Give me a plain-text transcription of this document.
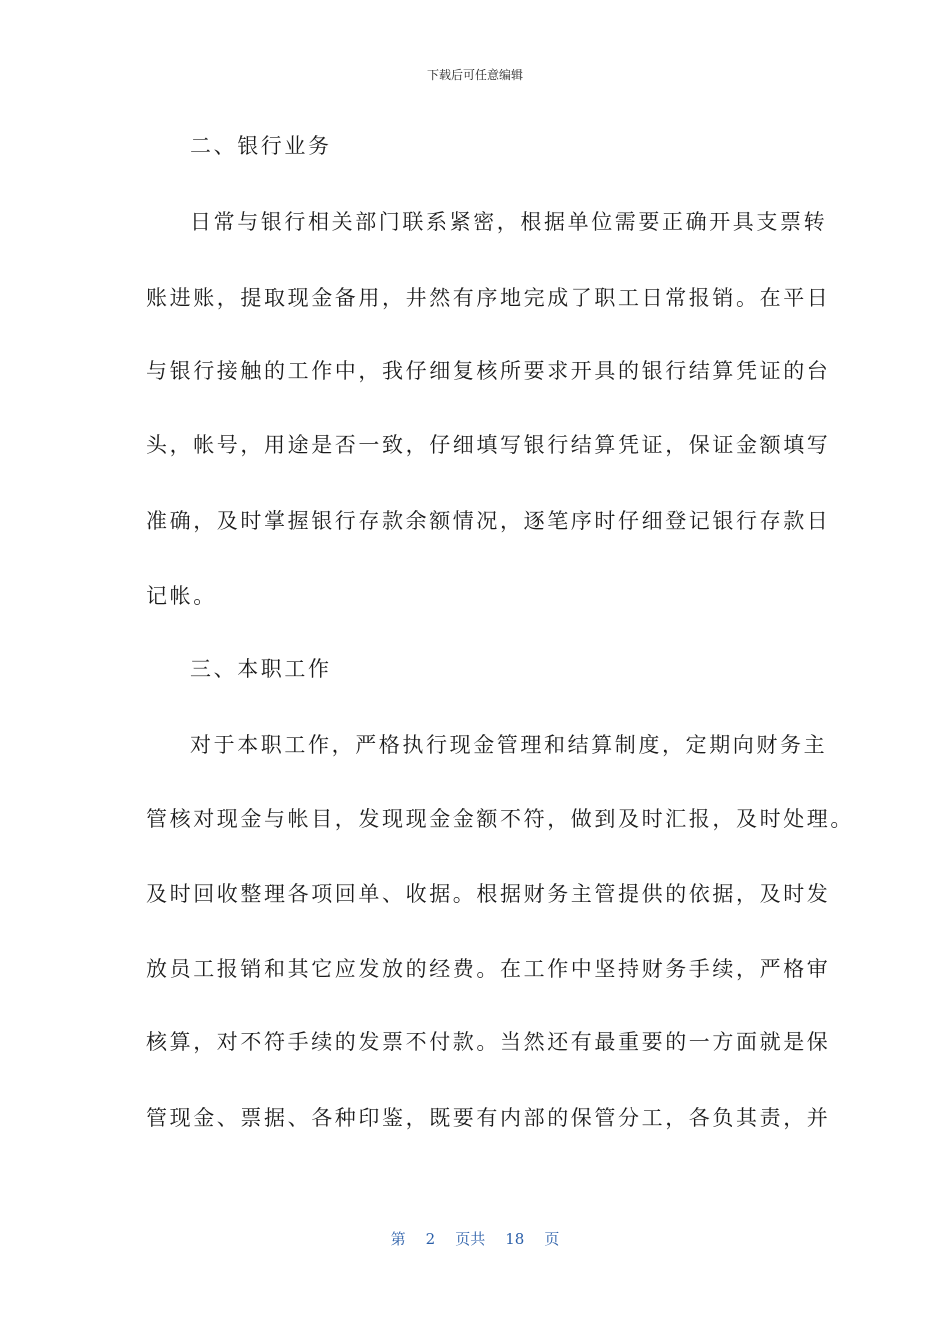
下载后可任意编辑
二、银行业务
日常与银行相关部门联系紧密，根据单位需要正确开具支票转
账进账，提取现金备用，井然有序地完成了职工日常报销。在平日
与银行接触的工作中，我仔细复核所要求开具的银行结算凭证的台
头，帐号，用途是否一致，仔细填写银行结算凭证，保证金额填写
准确，及时掌握银行存款余额情况，逐笔序时仔细登记银行存款日
记帐。
三、本职工作
对于本职工作，严格执行现金管理和结算制度，定期向财务主
管核对现金与帐目，发现现金金额不符，做到及时汇报，及时处理。
及时回收整理各项回单、收据。根据财务主管提供的依据，及时发
放员工报销和其它应发放的经费。在工作中坚持财务手续，严格审
核算，对不符手续的发票不付款。当然还有最重要的一方面就是保
管现金、票据、各种印鉴，既要有内部的保管分工，各负其责，并
第 2 页共 18 页
